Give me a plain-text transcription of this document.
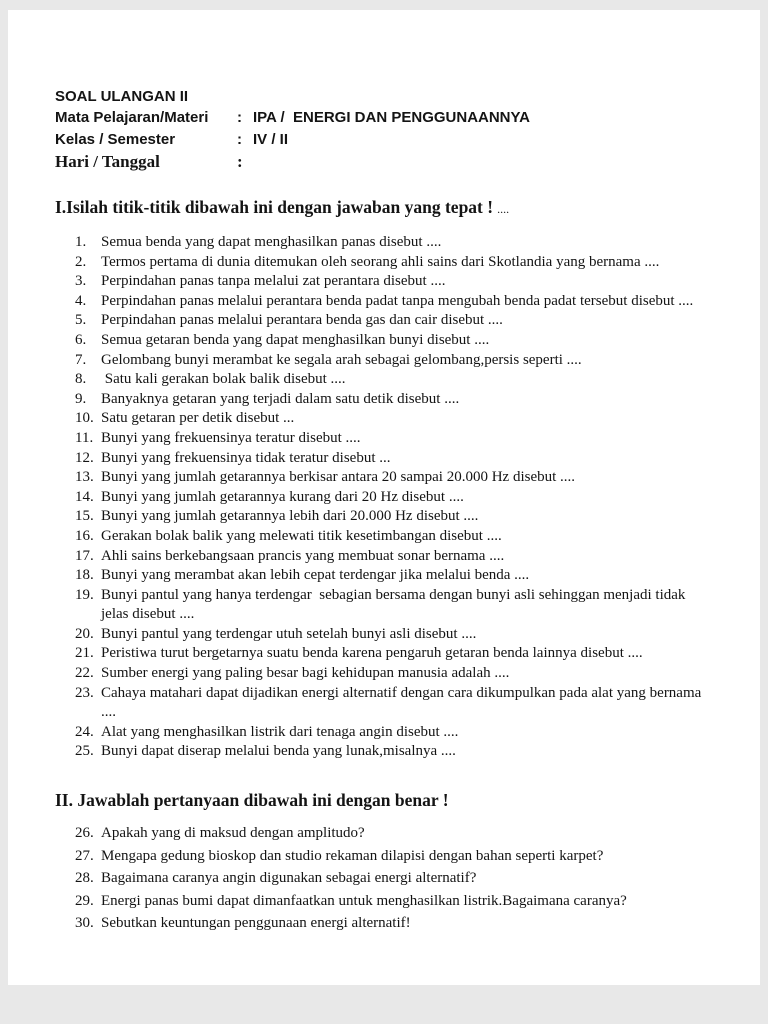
SOAL ULANGAN II
Mata Pelajaran/Materi	: IPA /  ENERGI DAN PENGGUNAANNYA
Kelas / Semester	: IV / II
Hari / Tanggal	:
I.Isilah titik-titik dibawah ini dengan jawaban yang tepat ! ....
1. Semua benda yang dapat menghasilkan panas disebut ....
2. Termos pertama di dunia ditemukan oleh seorang ahli sains dari Skotlandia yang bernama ....
3. Perpindahan panas tanpa melalui zat perantara disebut ....
4. Perpindahan panas melalui perantara benda padat tanpa mengubah benda padat tersebut disebut ....
5. Perpindahan panas melalui perantara benda gas dan cair disebut ....
6. Semua getaran benda yang dapat menghasilkan bunyi disebut ....
7. Gelombang bunyi merambat ke segala arah sebagai gelombang,persis seperti ....
8. Satu kali gerakan bolak balik disebut ....
9. Banyaknya getaran yang terjadi dalam satu detik disebut ....
10. Satu getaran per detik disebut ...
11. Bunyi yang frekuensinya teratur disebut ....
12. Bunyi yang frekuensinya tidak teratur disebut ...
13. Bunyi yang jumlah getarannya berkisar antara 20 sampai 20.000 Hz disebut ....
14. Bunyi yang jumlah getarannya kurang dari 20 Hz disebut ....
15. Bunyi yang jumlah getarannya lebih dari 20.000 Hz disebut ....
16. Gerakan bolak balik yang melewati titik kesetimbangan disebut ....
17. Ahli sains berkebangsaan prancis yang membuat sonar bernama ....
18. Bunyi yang merambat akan lebih cepat terdengar jika melalui benda ....
19. Bunyi pantul yang hanya terdengar  sebagian bersama dengan bunyi asli sehinggan menjadi tidak jelas disebut ....
20. Bunyi pantul yang terdengar utuh setelah bunyi asli disebut ....
21. Peristiwa turut bergetarnya suatu benda karena pengaruh getaran benda lainnya disebut ....
22. Sumber energi yang paling besar bagi kehidupan manusia adalah ....
23. Cahaya matahari dapat dijadikan energi alternatif dengan cara dikumpulkan pada alat yang bernama ....
24. Alat yang menghasilkan listrik dari tenaga angin disebut ....
25. Bunyi dapat diserap melalui benda yang lunak,misalnya ....
II. Jawablah pertanyaan dibawah ini dengan benar !
26. Apakah yang di maksud dengan amplitudo?
27. Mengapa gedung bioskop dan studio rekaman dilapisi dengan bahan seperti karpet?
28. Bagaimana caranya angin digunakan sebagai energi alternatif?
29. Energi panas bumi dapat dimanfaatkan untuk menghasilkan listrik.Bagaimana caranya?
30. Sebutkan keuntungan penggunaan energi alternatif!
